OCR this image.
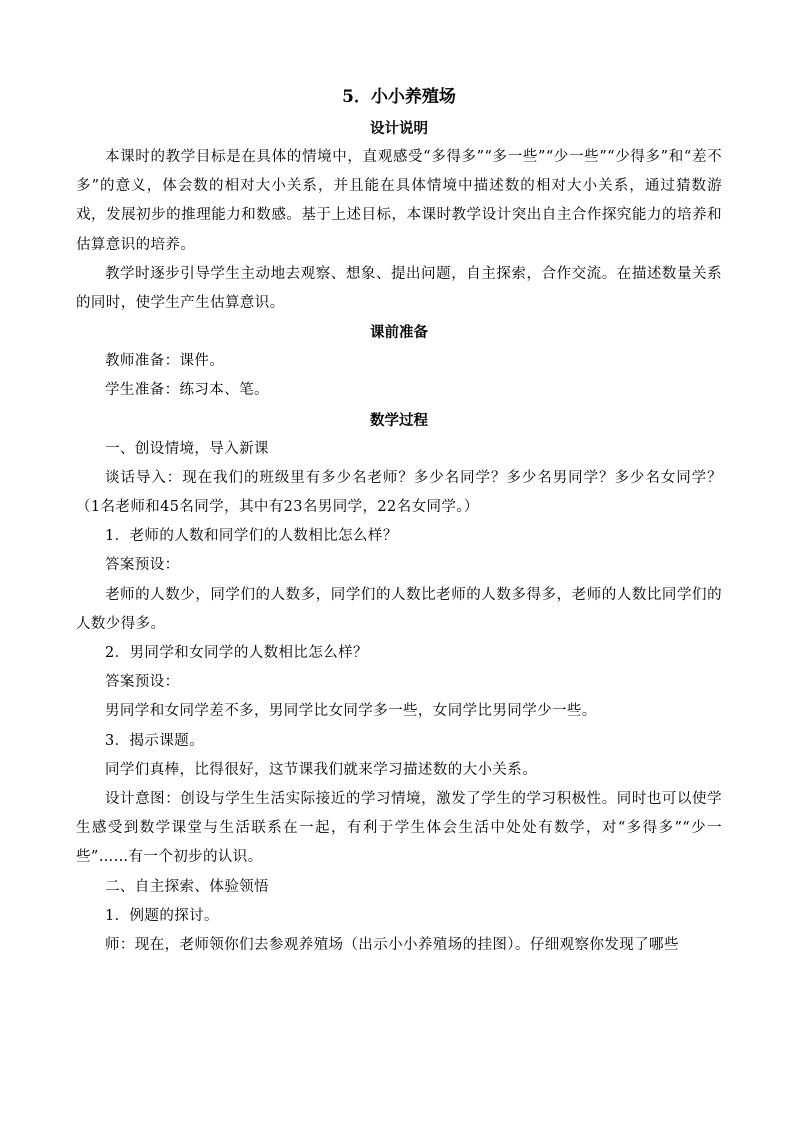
5．小小养殖场

设计说明

本课时的教学目标是在具体的情境中，直观感受“多得多”“多一些”“少一些”“少得多”和“差不多”的意义，体会数的相对大小关系，并且能在具体情境中描述数的相对大小关系，通过猜数游戏，发展初步的推理能力和数感。基于上述目标，本课时教学设计突出自主合作探究能力的培养和估算意识的培养。

教学时逐步引导学生主动地去观察、想象、提出问题，自主探索，合作交流。在描述数量关系的同时，使学生产生估算意识。

课前准备

教师准备：课件。

学生准备：练习本、笔。

数学过程

一、创设情境，导入新课

谈话导入：现在我们的班级里有多少名老师？多少名同学？多少名男同学？多少名女同学？（1名老师和45名同学，其中有23名男同学，22名女同学。）

1．老师的人数和同学们的人数相比怎么样？

答案预设：

老师的人数少，同学们的人数多，同学们的人数比老师的人数多得多，老师的人数比同学们的人数少得多。

2．男同学和女同学的人数相比怎么样？

答案预设：

男同学和女同学差不多，男同学比女同学多一些，女同学比男同学少一些。

3．揭示课题。

同学们真棒，比得很好，这节课我们就来学习描述数的大小关系。

设计意图：创设与学生生活实际接近的学习情境，激发了学生的学习积极性。同时也可以使学生感受到数学课堂与生活联系在一起，有利于学生体会生活中处处有数学，对“多得多”“少一些”……有一个初步的认识。

二、自主探索、体验领悟

1．例题的探讨。

师：现在，老师领你们去参观养殖场（出示小小养殖场的挂图）。仔细观察你发现了哪些
